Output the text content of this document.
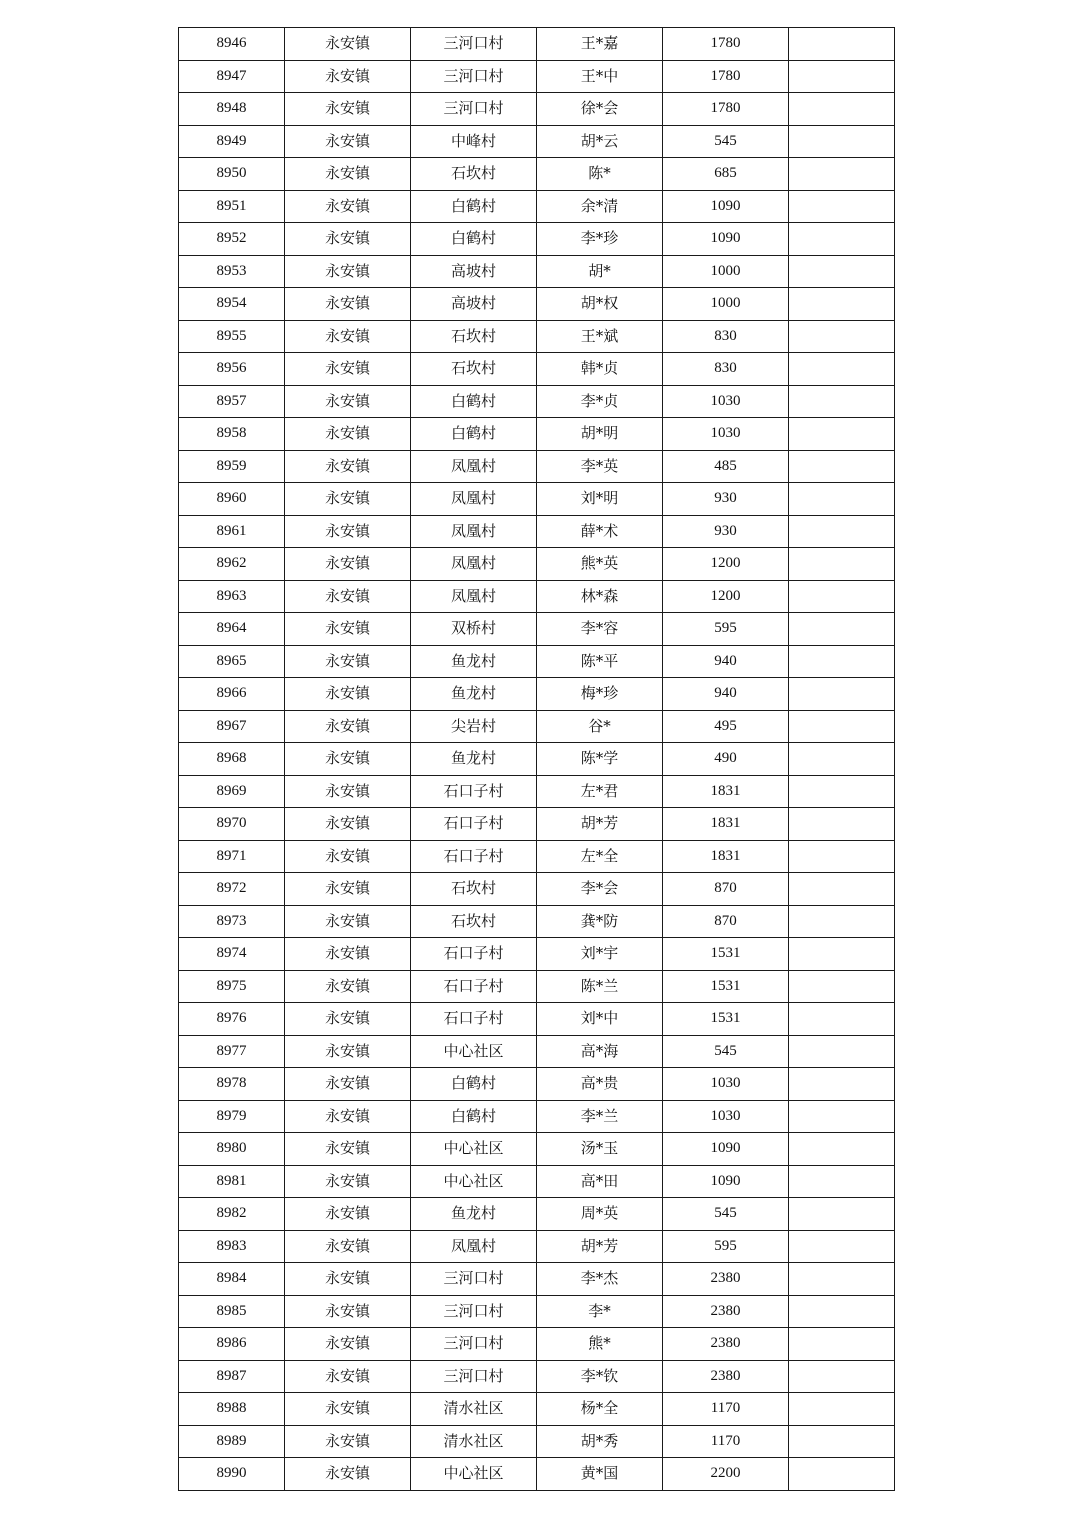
8946	永安镇	三河口村	王*嘉	1780	
8947	永安镇	三河口村	王*中	1780	
8948	永安镇	三河口村	徐*会	1780	
8949	永安镇	中峰村	胡*云	545	
8950	永安镇	石坎村	陈*	685	
8951	永安镇	白鹤村	余*清	1090	
8952	永安镇	白鹤村	李*珍	1090	
8953	永安镇	高坡村	胡*	1000	
8954	永安镇	高坡村	胡*权	1000	
8955	永安镇	石坎村	王*斌	830	
8956	永安镇	石坎村	韩*贞	830	
8957	永安镇	白鹤村	李*贞	1030	
8958	永安镇	白鹤村	胡*明	1030	
8959	永安镇	凤凰村	李*英	485	
8960	永安镇	凤凰村	刘*明	930	
8961	永安镇	凤凰村	薛*术	930	
8962	永安镇	凤凰村	熊*英	1200	
8963	永安镇	凤凰村	林*森	1200	
8964	永安镇	双桥村	李*容	595	
8965	永安镇	鱼龙村	陈*平	940	
8966	永安镇	鱼龙村	梅*珍	940	
8967	永安镇	尖岩村	谷*	495	
8968	永安镇	鱼龙村	陈*学	490	
8969	永安镇	石口子村	左*君	1831	
8970	永安镇	石口子村	胡*芳	1831	
8971	永安镇	石口子村	左*全	1831	
8972	永安镇	石坎村	李*会	870	
8973	永安镇	石坎村	龚*防	870	
8974	永安镇	石口子村	刘*宇	1531	
8975	永安镇	石口子村	陈*兰	1531	
8976	永安镇	石口子村	刘*中	1531	
8977	永安镇	中心社区	高*海	545	
8978	永安镇	白鹤村	高*贵	1030	
8979	永安镇	白鹤村	李*兰	1030	
8980	永安镇	中心社区	汤*玉	1090	
8981	永安镇	中心社区	高*田	1090	
8982	永安镇	鱼龙村	周*英	545	
8983	永安镇	凤凰村	胡*芳	595	
8984	永安镇	三河口村	李*杰	2380	
8985	永安镇	三河口村	李*	2380	
8986	永安镇	三河口村	熊*	2380	
8987	永安镇	三河口村	李*钦	2380	
8988	永安镇	清水社区	杨*全	1170	
8989	永安镇	清水社区	胡*秀	1170	
8990	永安镇	中心社区	黄*国	2200	
